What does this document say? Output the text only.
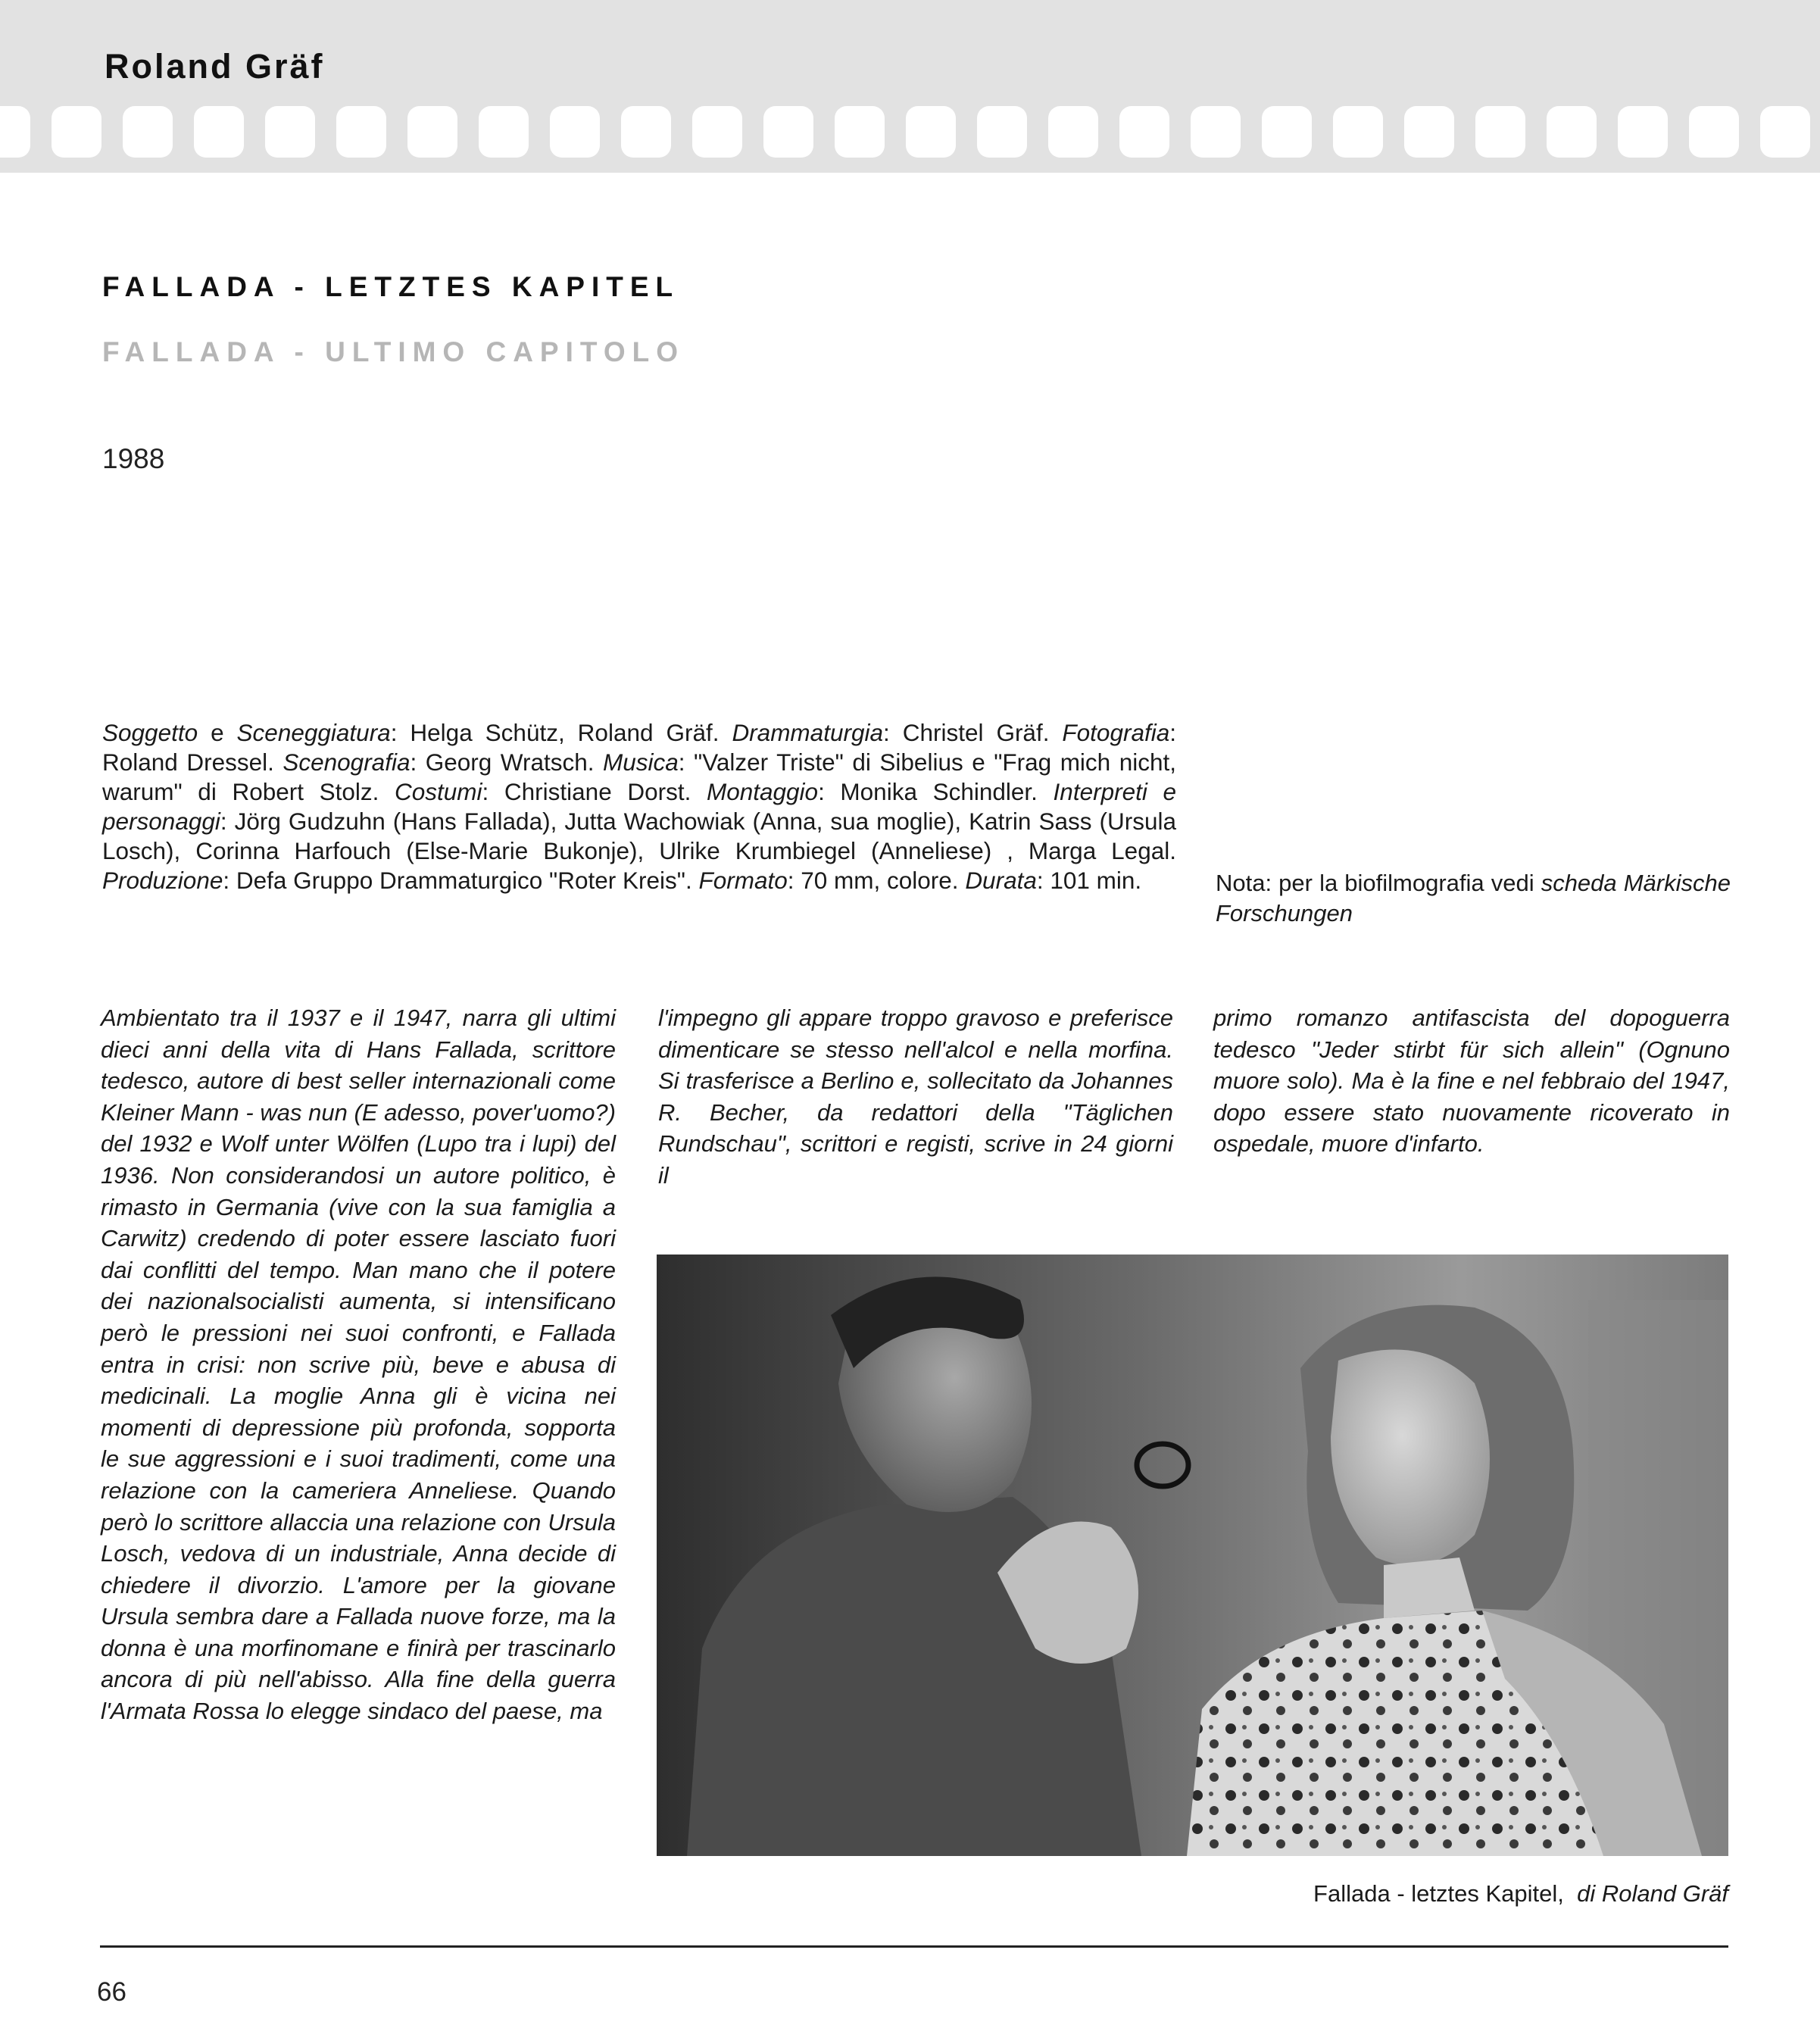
Roland Gräf
FALLADA - LETZTES KAPITEL
FALLADA - ULTIMO CAPITOLO
1988
Soggetto e Sceneggiatura: Helga Schütz, Roland Gräf. Drammaturgia: Christel Gräf. Fotografia: Roland Dressel. Scenografia: Georg Wratsch. Musica: "Valzer Triste" di Sibelius e "Frag mich nicht, warum" di Robert Stolz. Costumi: Christiane Dorst. Montaggio: Monika Schindler. Interpreti e personaggi: Jörg Gudzuhn (Hans Fallada), Jutta Wachowiak (Anna, sua moglie), Katrin Sass (Ursula Losch), Corinna Harfouch (Else-Marie Bukonje), Ulrike Krumbiegel (Anneliese) , Marga Legal. Produzione: Defa Gruppo Drammaturgico "Roter Kreis". Formato: 70 mm, colore. Durata: 101 min.	Nota: per la biofilmografia vedi scheda Märkische Forschungen
Ambientato tra il 1937 e il 1947, narra gli ultimi dieci anni della vita di Hans Fallada, scrittore tedesco, autore di best seller internazionali come Kleiner Mann - was nun (E adesso, pover'uomo?) del 1932 e Wolf unter Wölfen (Lupo tra i lupi) del 1936. Non considerandosi un autore politico, è rimasto in Germania (vive con la sua famiglia a Carwitz) credendo di poter essere lasciato fuori dai conflitti del tempo. Man mano che il potere dei nazionalsocialisti aumenta, si intensificano però le pressioni nei suoi confronti, e Fallada entra in crisi: non scrive più, beve e abusa di medicinali. La moglie Anna gli è vicina nei momenti di depressione più profonda, sopporta le sue aggressioni e i suoi tradimenti, come una relazione con la cameriera Anneliese. Quando però lo scrittore allaccia una relazione con Ursula Losch, vedova di un industriale, Anna decide di chiedere il divorzio. L'amore per la giovane Ursula sembra dare a Fallada nuove forze, ma la donna è una morfinomane e finirà per trascinarlo ancora di più nell'abisso. Alla fine della guerra l'Armata Rossa lo elegge sindaco del paese, ma
l'impegno gli appare troppo gravoso e preferisce dimenticare se stesso nell'alcol e nella morfina. Si trasferisce a Berlino e, sollecitato da Johannes R. Becher, da redattori della "Täglichen Rundschau", scrittori e registi, scrive in 24 giorni il
primo romanzo antifascista del dopoguerra tedesco "Jeder stirbt für sich allein" (Ognuno muore solo). Ma è la fine e nel febbraio del 1947, dopo essere stato nuovamente ricoverato in ospedale, muore d'infarto.
Fallada - letztes Kapitel, di Roland Gräf
66
